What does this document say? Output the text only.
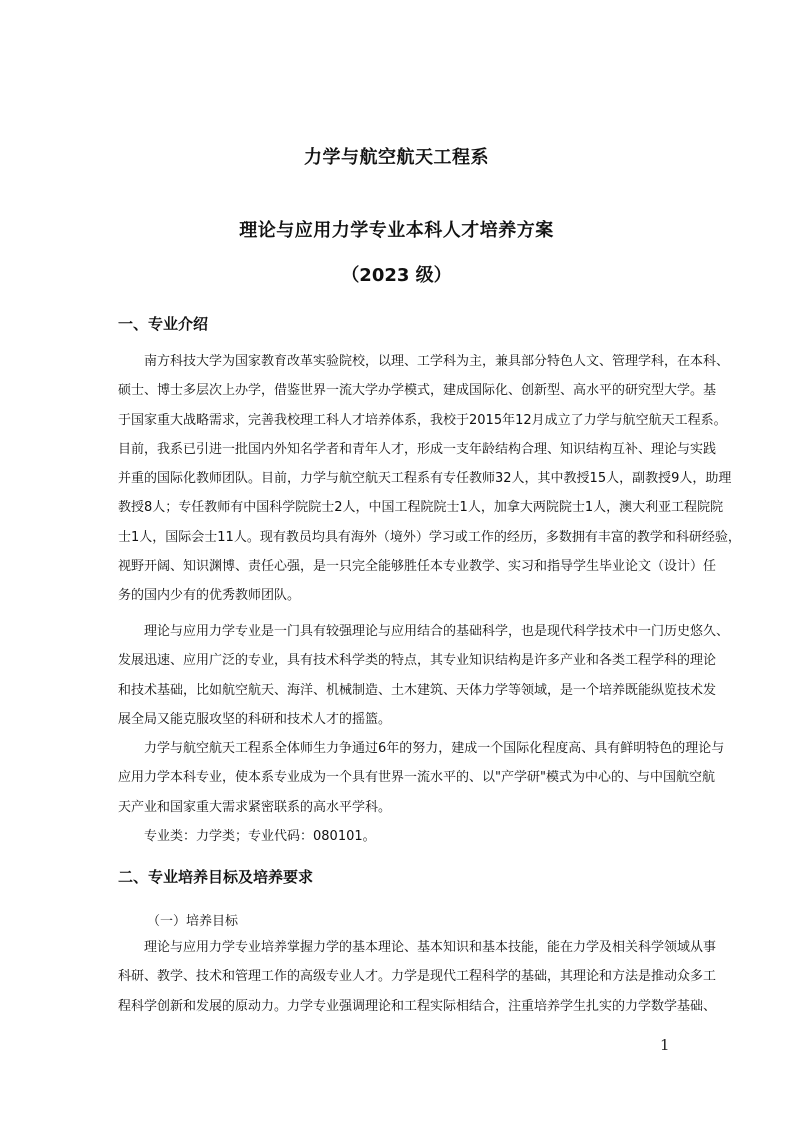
力学与航空航天工程系
理论与应用力学专业本科人才培养方案
（2023 级）
一、专业介绍
南方科技大学为国家教育改革实验院校，以理、工学科为主，兼具部分特色人文、管理学科，在本科、
硕士、博士多层次上办学，借鉴世界一流大学办学模式，建成国际化、创新型、高水平的研究型大学。基
于国家重大战略需求，完善我校理工科人才培养体系，我校于2015年12月成立了力学与航空航天工程系。
目前，我系已引进一批国内外知名学者和青年人才，形成一支年龄结构合理、知识结构互补、理论与实践
并重的国际化教师团队。目前，力学与航空航天工程系有专任教师32人，其中教授15人，副教授9人，助理
教授8人；专任教师有中国科学院院士2人，中国工程院院士1人，加拿大两院院士1人，澳大利亚工程院院
士1人，国际会士11人。现有教员均具有海外（境外）学习或工作的经历，多数拥有丰富的教学和科研经验，
视野开阔、知识渊博、责任心强，是一只完全能够胜任本专业教学、实习和指导学生毕业论文（设计）任
务的国内少有的优秀教师团队。
理论与应用力学专业是一门具有较强理论与应用结合的基础科学，也是现代科学技术中一门历史悠久、
发展迅速、应用广泛的专业，具有技术科学类的特点，其专业知识结构是许多产业和各类工程学科的理论
和技术基础，比如航空航天、海洋、机械制造、土木建筑、天体力学等领域，是一个培养既能纵览技术发
展全局又能克服攻坚的科研和技术人才的摇篮。
力学与航空航天工程系全体师生力争通过6年的努力，建成一个国际化程度高、具有鲜明特色的理论与
应用力学本科专业，使本系专业成为一个具有世界一流水平的、以"产学研"模式为中心的、与中国航空航
天产业和国家重大需求紧密联系的高水平学科。
专业类：力学类；专业代码：080101。
二、专业培养目标及培养要求
（一）培养目标
理论与应用力学专业培养掌握力学的基本理论、基本知识和基本技能，能在力学及相关科学领域从事
科研、教学、技术和管理工作的高级专业人才。力学是现代工程科学的基础，其理论和方法是推动众多工
程科学创新和发展的原动力。力学专业强调理论和工程实际相结合，注重培养学生扎实的力学数学基础、
1
